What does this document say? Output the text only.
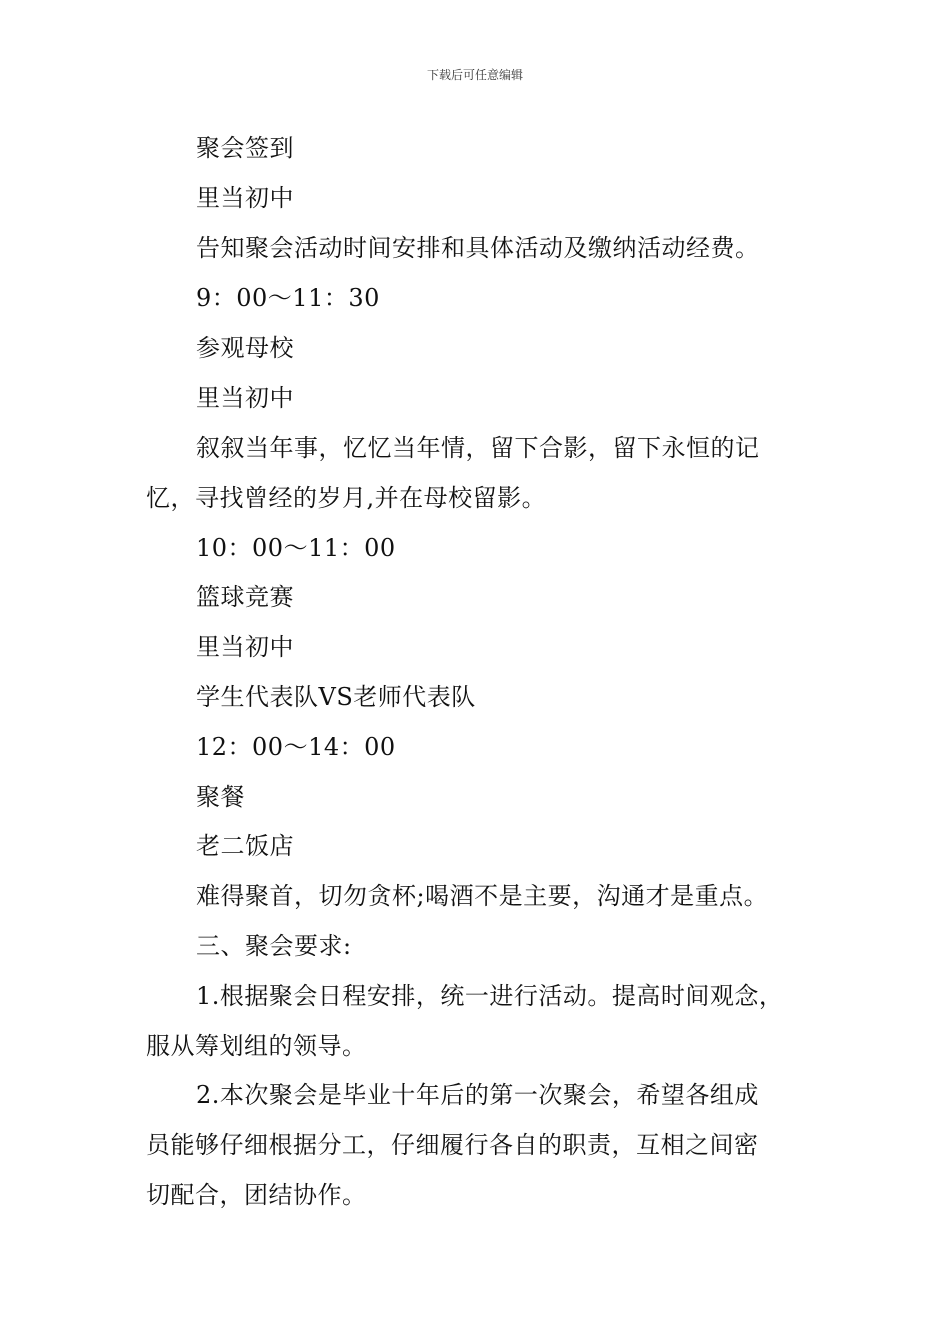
下载后可任意编辑
聚会签到
里当初中
告知聚会活动时间安排和具体活动及缴纳活动经费。
9：00～11：30
参观母校
里当初中
叙叙当年事，忆忆当年情，留下合影，留下永恒的记
忆，寻找曾经的岁月,并在母校留影。
10：00～11：00
篮球竞赛
里当初中
学生代表队VS老师代表队
12：00～14：00
聚餐
老二饭店
难得聚首，切勿贪杯;喝酒不是主要，沟通才是重点。
三、聚会要求:
1.根据聚会日程安排，统一进行活动。提高时间观念，
服从筹划组的领导。
2.本次聚会是毕业十年后的第一次聚会，希望各组成
员能够仔细根据分工，仔细履行各自的职责，互相之间密
切配合，团结协作。
